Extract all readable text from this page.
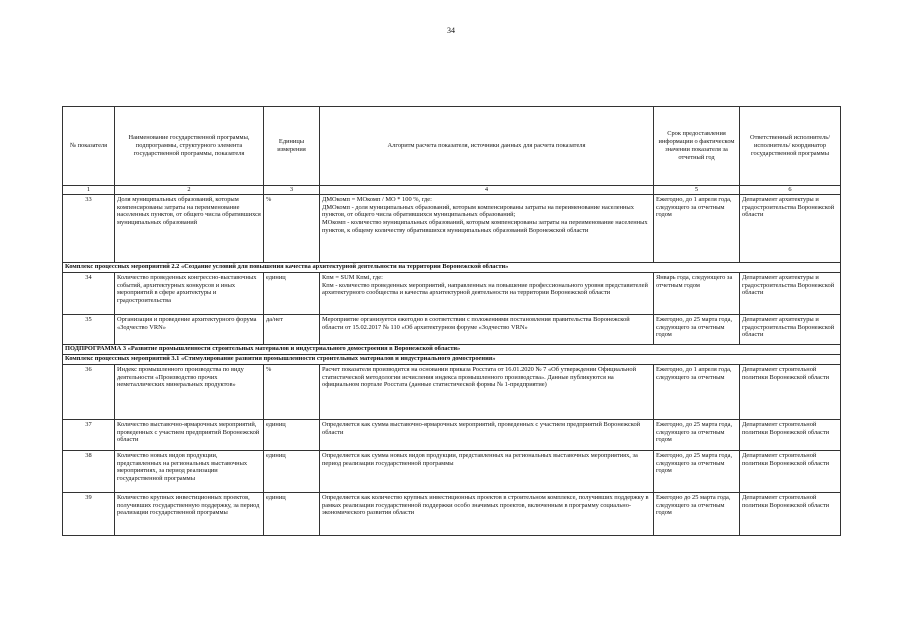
34
№ показателя	Наименование государственной программы, подпрограммы, структурного элемента государственной программы, показателя	Единицы измерения	Алгоритм расчета показателя, источники данных для расчета показателя	Срок предоставления информации о фактическом значении показателя за отчетный год	Ответственный исполнитель/исполнитель/ координатор государственной программы
1	2	3	4	5	6
33	Доля муниципальных образований, которым компенсированы затраты на переименование населенных пунктов, от общего числа обратившихся муниципальных образований	%	ДМОкомп = МОкомп / МО * 100 %, где:
ДМОкомп - доля муниципальных образований, которым компенсированы затраты на переименование населенных пунктов, от общего числа обратившихся муниципальных образований;
МОкомп - количество муниципальных образований, которым компенсированы затраты на переименование населенных пунктов, к общему количеству обратившихся муниципальных образований Воронежской области	Ежегодно, до 1 апреля года, следующего за отчетным годом	Департамент архитектуры и градостроительства Воронежской области
Комплекс процессных мероприятий 2.2 «Создание условий для повышения качества архитектурной деятельности на территории Воронежской области»					
34	Количество проведенных конгрессно-выставочных событий, архитектурных конкурсов и иных мероприятий в сфере архитектуры и градостроительства	единиц	Кпм = SUM Кпмi, где:
Кпм - количество проведенных мероприятий, направленных на повышение профессионального уровня представителей архитектурного сообщества и качества архитектурной деятельности на территории Воронежской области	Январь года, следующего за отчетным годом	Департамент архитектуры и градостроительства Воронежской области
35	Организация и проведение архитектурного форума «Зодчество VRN»	да/нет	Мероприятие организуется ежегодно в соответствии с положениями постановления правительства Воронежской области от 15.02.2017 № 110 «Об архитектурном форуме «Зодчество VRN»	Ежегодно, до 25 марта года, следующего за отчетным годом	Департамент архитектуры и градостроительства Воронежской области
ПОДПРОГРАММА 3 «Развитие промышленности строительных материалов и индустриального домостроения в Воронежской области»					
Комплекс процессных мероприятий 3.1 «Стимулирование развития промышленности строительных материалов и индустриального домостроения»					
36	Индекс промышленного производства по виду деятельности «Производство прочих неметаллических минеральных продуктов»	%	Расчет показателя производится на основании приказа Росстата от 16.01.2020 № 7 «Об утверждении Официальной статистической методологии исчисления индекса промышленного производства». Данные публикуются на официальном портале Росстата (данные статистической формы № 1-предприятие)	Ежегодно, до 1 апреля года, следующего за отчетным	Департамент строительной политики Воронежской области
37	Количество выставочно-ярмарочных мероприятий, проведенных с участием предприятий Воронежской области	единиц	Определяется как сумма выставочно-ярмарочных мероприятий, проведенных с участием предприятий Воронежской области	Ежегодно, до 25 марта года, следующего за отчетным годом	Департамент строительной политики Воронежской области
38	Количество новых видов продукции, представленных на региональных выставочных мероприятиях, за период реализации государственной программы	единиц	Определяется как сумма новых видов продукции, представленных на региональных выставочных мероприятиях, за период реализации государственной программы	Ежегодно, до 25 марта года, следующего за отчетным годом	Департамент строительной политики Воронежской области
39	Количество крупных инвестиционных проектов, получивших государственную поддержку, за период реализации государственной программы	единиц	Определяется как количество крупных инвестиционных проектов в строительном комплексе, получивших поддержку в рамках реализации государственной поддержки особо значимых проектов, включенным в программу социально-экономического развития области	Ежегодно до 25 марта года, следующего за отчетным годом	Департамент строительной политики Воронежской области
